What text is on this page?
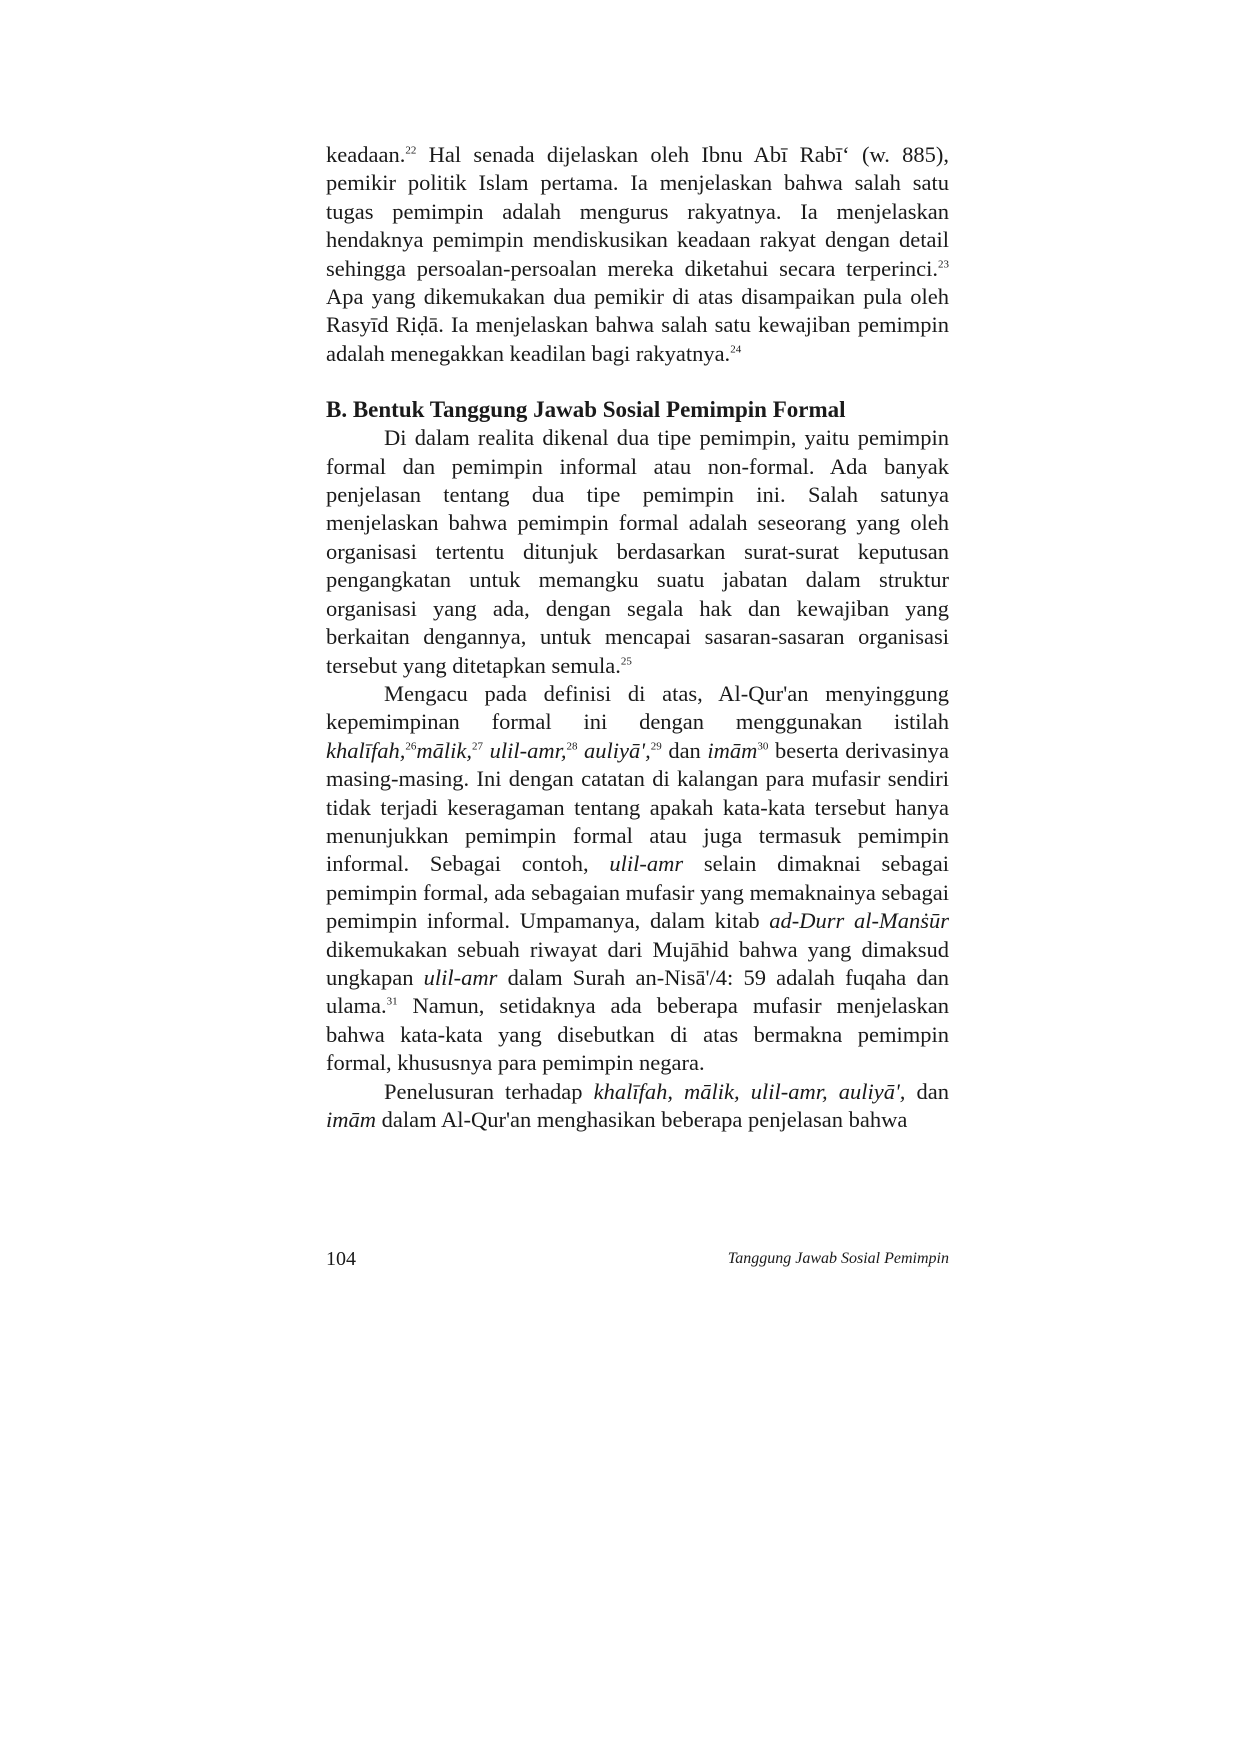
keadaan.$^{22}$ Hal senada dijelaskan oleh Ibnu Abī Rabī‘ (w. 885), pemikir politik Islam pertama. Ia menjelaskan bahwa salah satu tugas pemimpin adalah mengurus rakyatnya. Ia menjelaskan hendaknya pemimpin mendiskusikan keadaan rakyat dengan detail sehingga persoalan-persoalan mereka diketahui secara terperinci.$^{23}$ Apa yang dikemukakan dua pemikir di atas disampaikan pula oleh Rasyīd Riḍā. Ia menjelaskan bahwa salah satu kewajiban pemimpin adalah menegakkan keadilan bagi rakyatnya.$^{24}$

B. Bentuk Tanggung Jawab Sosial Pemimpin Formal

Di dalam realita dikenal dua tipe pemimpin, yaitu pemimpin formal dan pemimpin informal atau non-formal. Ada banyak penjelasan tentang dua tipe pemimpin ini. Salah satunya menjelaskan bahwa pemimpin formal adalah seseorang yang oleh organisasi tertentu ditunjuk berdasarkan surat-surat keputusan pengangkatan untuk memangku suatu jabatan dalam struktur organisasi yang ada, dengan segala hak dan kewajiban yang berkaitan dengannya, untuk mencapai sasaran-sasaran organisasi tersebut yang ditetapkan semula.$^{25}$

Mengacu pada definisi di atas, Al-Qur'an menyinggung kepemimpinan formal ini dengan menggunakan istilah khalīfah,$^{26}$mālik,$^{27}$ ulil-amr,$^{28}$ auliyā',$^{29}$ dan imām$^{30}$ beserta derivasinya masing-masing. Ini dengan catatan di kalangan para mufasir sendiri tidak terjadi keseragaman tentang apakah kata-kata tersebut hanya menunjukkan pemimpin formal atau juga termasuk pemimpin informal. Sebagai contoh, ulil-amr selain dimaknai sebagai pemimpin formal, ada sebagaian mufasir yang memaknainya sebagai pemimpin informal. Umpamanya, dalam kitab ad-Durr al-Manṡūr dikemukakan sebuah riwayat dari Mujāhid bahwa yang dimaksud ungkapan ulil-amr dalam Surah an-Nisā'/4: 59 adalah fuqaha dan ulama.$^{31}$ Namun, setidaknya ada beberapa mufasir menjelaskan bahwa kata-kata yang disebutkan di atas bermakna pemimpin formal, khususnya para pemimpin negara.

Penelusuran terhadap khalīfah, mālik, ulil-amr, auliyā', dan imām dalam Al-Qur'an menghasikan beberapa penjelasan bahwa

104	Tanggung Jawab Sosial Pemimpin
